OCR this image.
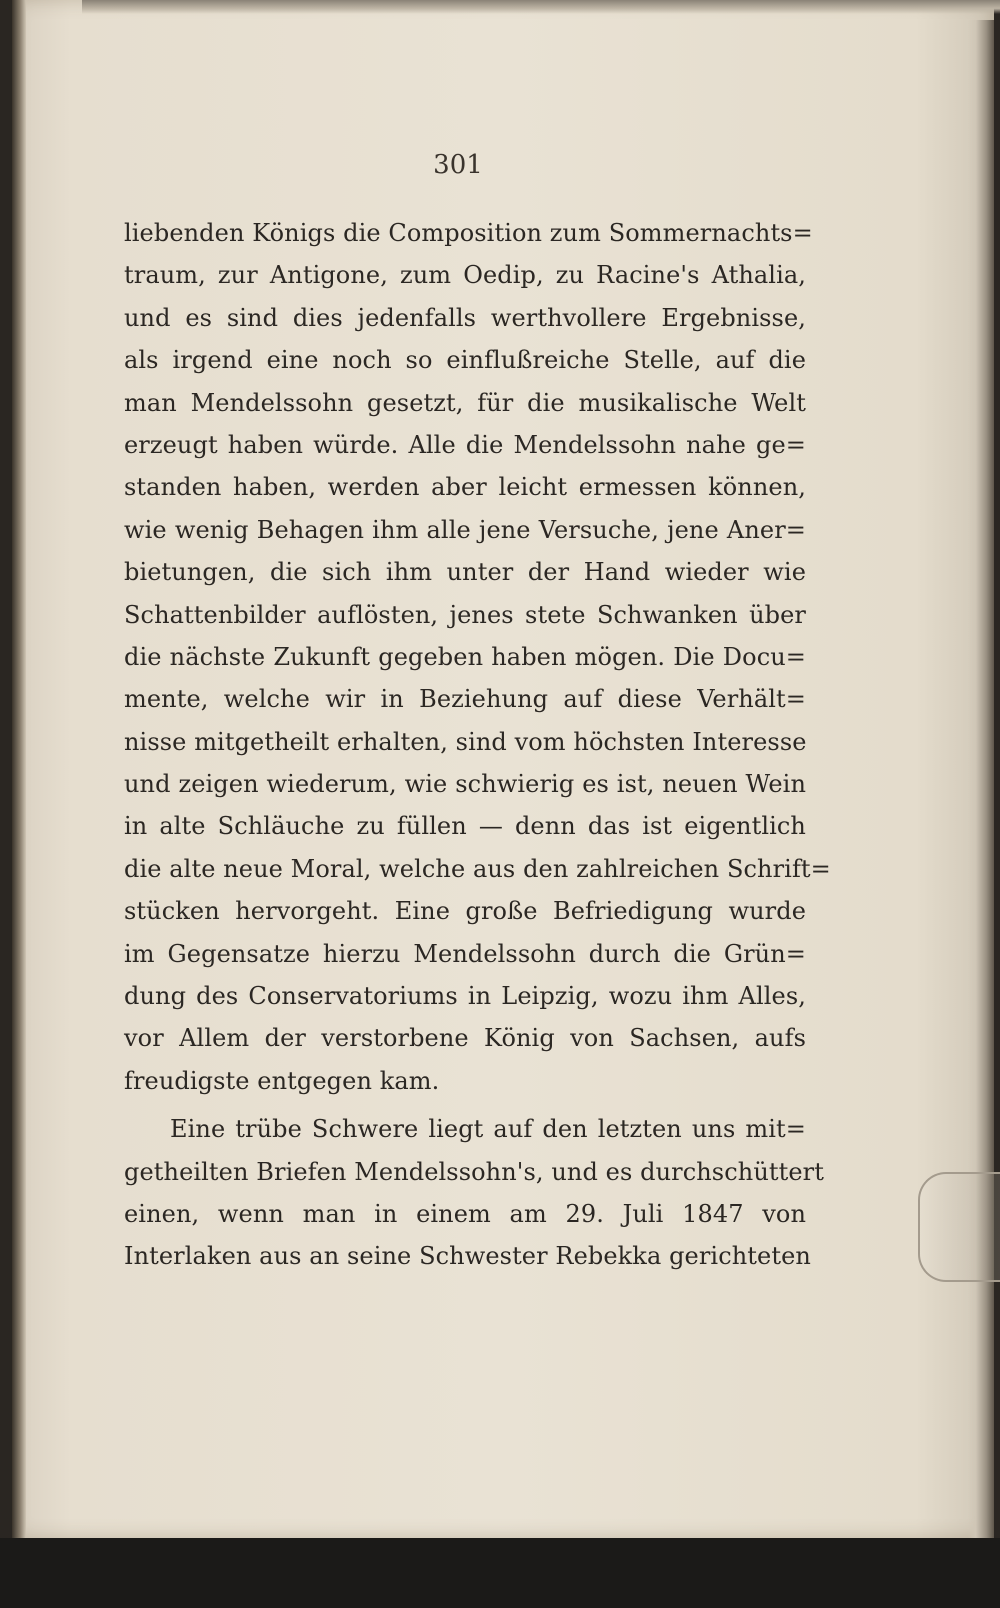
301
liebenden Königs die Composition zum Sommernachts=
traum, zur Antigone, zum Oedip, zu Racine's Athalia,
und es sind dies jedenfalls werthvollere Ergebnisse,
als irgend eine noch so einflußreiche Stelle, auf die
man Mendelssohn gesetzt, für die musikalische Welt
erzeugt haben würde. Alle die Mendelssohn nahe ge=
standen haben, werden aber leicht ermessen können,
wie wenig Behagen ihm alle jene Versuche, jene Aner=
bietungen, die sich ihm unter der Hand wieder wie
Schattenbilder auflösten, jenes stete Schwanken über
die nächste Zukunft gegeben haben mögen. Die Docu=
mente, welche wir in Beziehung auf diese Verhält=
nisse mitgetheilt erhalten, sind vom höchsten Interesse
und zeigen wiederum, wie schwierig es ist, neuen Wein
in alte Schläuche zu füllen — denn das ist eigentlich
die alte neue Moral, welche aus den zahlreichen Schrift=
stücken hervorgeht. Eine große Befriedigung wurde
im Gegensatze hierzu Mendelssohn durch die Grün=
dung des Conservatoriums in Leipzig, wozu ihm Alles,
vor Allem der verstorbene König von Sachsen, aufs
freudigste entgegen kam.
Eine trübe Schwere liegt auf den letzten uns mit=
getheilten Briefen Mendelssohn's, und es durchschüttert
einen, wenn man in einem am 29. Juli 1847 von
Interlaken aus an seine Schwester Rebekka gerichteten
